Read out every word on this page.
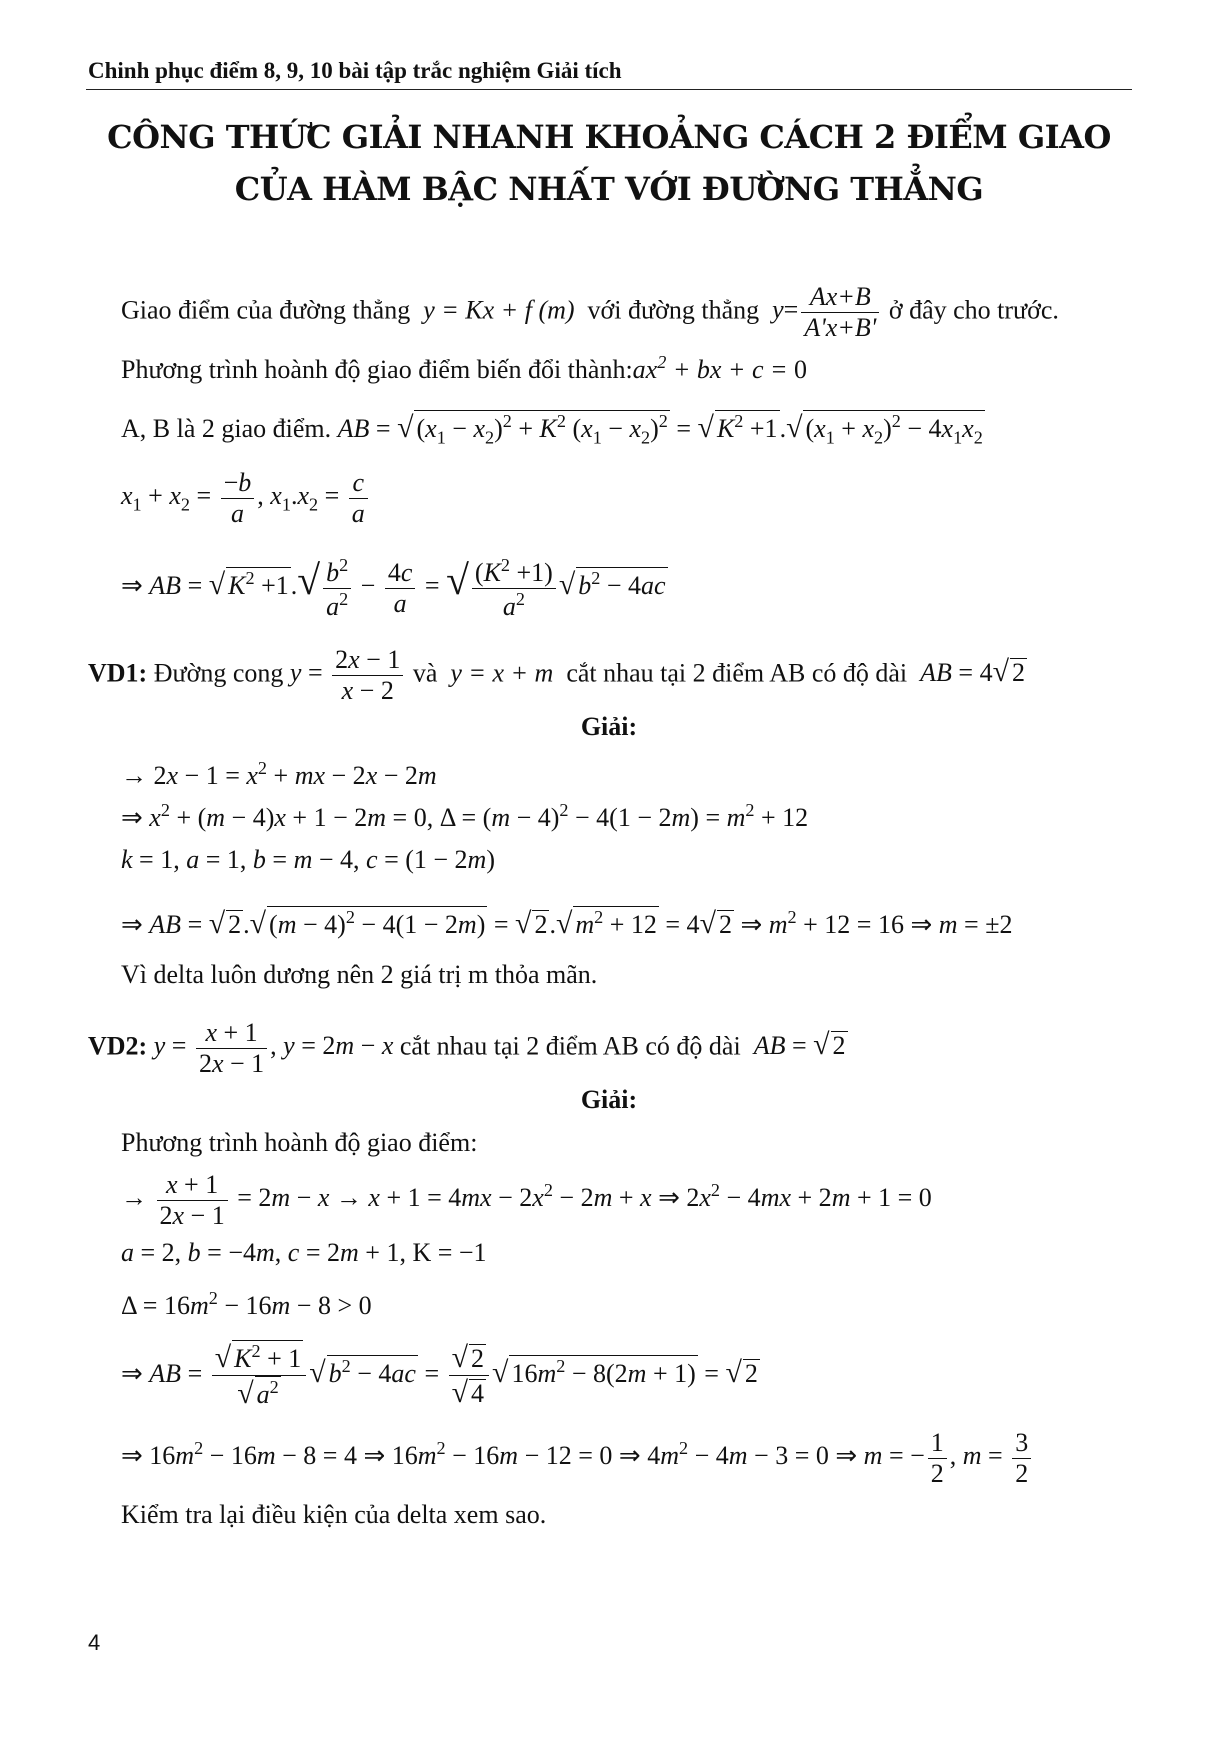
Chinh phục điểm 8, 9, 10 bài tập trắc nghiệm Giải tích
CÔNG THỨC GIẢI NHANH KHOẢNG CÁCH 2 ĐIỂM GIAO
CỦA HÀM BẬC NHẤT VỚI ĐƯỜNG THẲNG
Giao điểm của đường thẳng  y = Kx + f (m)  với đường thẳng  $y= \frac{Ax+B}{A'x+B'}$ ở đây cho trước.
Phương trình hoành độ giao điểm biến đổi $thành:ax^2$ + bx + c = 0
A, B là 2 giao điểm. AB = √ $(x_1 - x_2)^2 + K^2$ $(x_1 - x_2)^2$ = √ $K^2 +1.√$ $(x_1 + x_2)^2 - 4x_1x_2$
$x_1 + x_2 = \frac{-b}{a}$ , $x_1.x_2 = \frac{c}{a}$
⇒ AB = √ $K^2 +1.√ \frac{b^2}{a^2} - \frac{4c}{a}$ = √ $\frac{(K^2 +1)}{a^2}$ √ $b^2 - 4ac$
VD1: Đường cong $y = \frac{2x - 1}{x - 2}$ và  y = x + m  cắt nhau tại 2 điểm AB có độ dài AB = 4√ 2
Giải:
→ $2x - 1 = x^2$ + mx − 2x − 2m
⇒ $x^2 + (m - 4)x + 1 - 2m = 0$, $\Delta = (m - 4)^2 - 4(1 - 2m) = m^2 + 12$
k = 1, a = 1, b = m − 4, c = (1 − 2m)
⇒ AB = √ 2.√ $(m - 4)^2 - 4(1 - 2m)$ = √ 2.√ $m^2 + 12 = 4√$ 2 ⇒ $m^2 + 12 = 16$ ⇒ m = ±2
Vì delta luôn dương nên 2 giá trị m thỏa mãn.
VD2: $y = \frac{x + 1}{2x - 1}$ , y = 2m − x cắt nhau tại 2 điểm AB có độ dài AB = √ 2
Giải:
Phương trình hoành độ giao điểm:
→ $\frac{x + 1}{2x - 1} = 2m - x \to x + 1 = 4mx - 2x^2 - 2m + x$ ⇒ $2x^2 - 4mx + 2m + 1 = 0$
a = 2, b = −4m, c = 2m + 1, K = −1
$\Delta = 16m^2 - 16m - 8 > 0$
⇒ AB = $\frac{√ K^2 + 1}{√ a^2}$ √ $b^2 - 4ac = \frac{√ 2}{√ 4}$ √ $16m^2 - 8(2m + 1)$ = √ 2
⇒ $16m^2 - 16m - 8 = 4$ ⇒ $16m^2 - 16m - 12 = 0$ ⇒ $4m^2 - 4m - 3 = 0$ ⇒ m = − $\frac{1}{2}$ , $m = \frac{3}{2}$
Kiểm tra lại điều kiện của delta xem sao.
4
